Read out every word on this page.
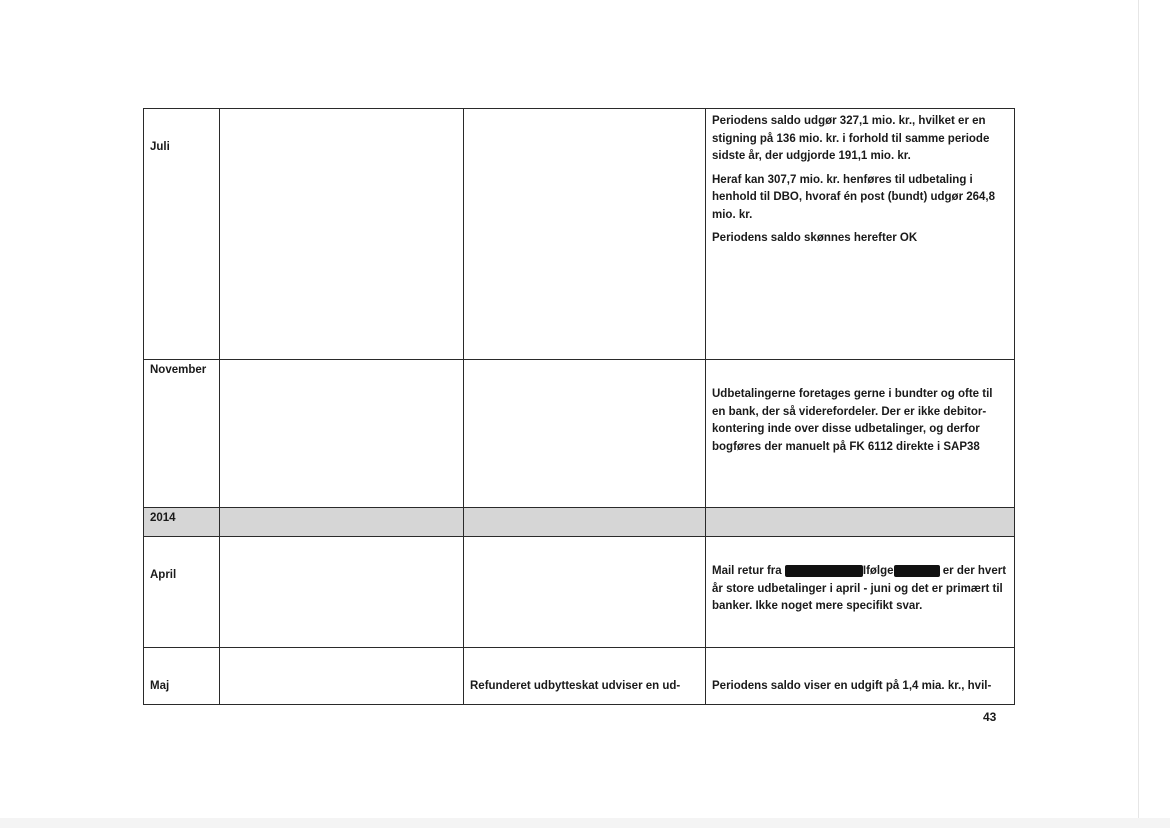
Juli			Periodens saldo udgør 327,1 mio. kr., hvilket er en stigning på 136 mio. kr. i forhold til samme periode sidste år, der udgjorde 191,1 mio. kr.

Heraf kan 307,7 mio. kr. henføres til udbetaling i henhold til DBO, hvoraf én post (bundt) udgør 264,8 mio. kr.

Periodens saldo skønnes herefter OK

November			Udbetalingerne foretages gerne i bundter og ofte til en bank, der så viderefordeler. Der er ikke debitor-kontering inde over disse udbetalinger, og derfor bogføres der manuelt på FK 6112 direkte i SAP38

2014			

April			Mail retur fra Ifølge er der hvert år store udbetalinger i april - juni og det er primært til banker. Ikke noget mere specifikt svar.

Maj		Refunderet udbytteskat udviser en ud-	Periodens saldo viser en udgift på 1,4 mia. kr., hvil-

43
